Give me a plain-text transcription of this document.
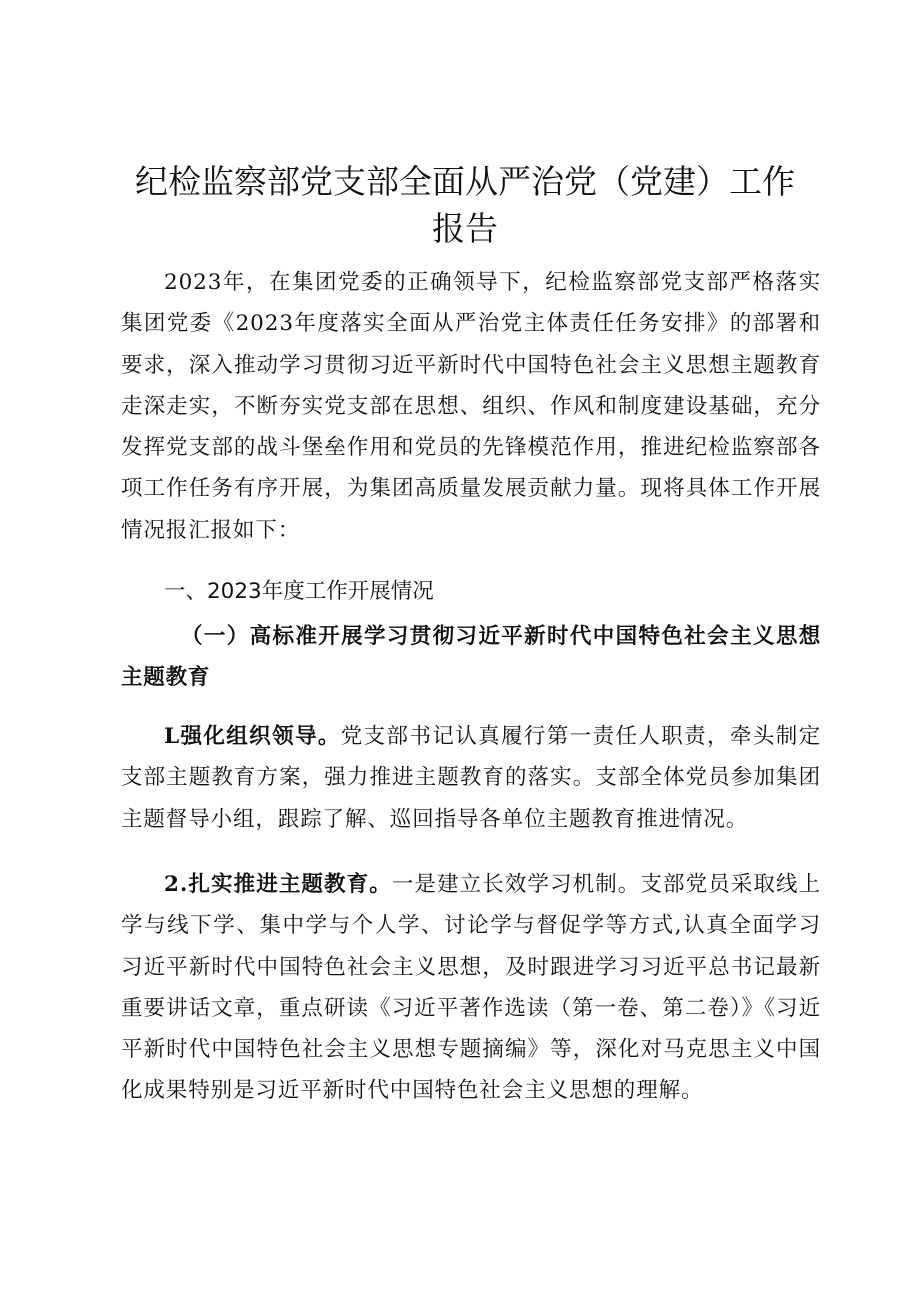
纪检监察部党支部全面从严治党（党建）工作
报告

2023年，在集团党委的正确领导下，纪检监察部党支部严格落实集团党委《2023年度落实全面从严治党主体责任任务安排》的部署和要求，深入推动学习贯彻习近平新时代中国特色社会主义思想主题教育走深走实，不断夯实党支部在思想、组织、作风和制度建设基础，充分发挥党支部的战斗堡垒作用和党员的先锋模范作用，推进纪检监察部各项工作任务有序开展，为集团高质量发展贡献力量。现将具体工作开展情况报汇报如下：

一、2023年度工作开展情况

（一）高标准开展学习贯彻习近平新时代中国特色社会主义思想主题教育

L强化组织领导。党支部书记认真履行第一责任人职责，牵头制定支部主题教育方案，强力推进主题教育的落实。支部全体党员参加集团主题督导小组，跟踪了解、巡回指导各单位主题教育推进情况。

2.扎实推进主题教育。一是建立长效学习机制。支部党员采取线上学与线下学、集中学与个人学、讨论学与督促学等方式,认真全面学习习近平新时代中国特色社会主义思想，及时跟进学习习近平总书记最新重要讲话文章，重点研读《习近平著作选读（第一卷、第二卷）》《习近平新时代中国特色社会主义思想专题摘编》等，深化对马克思主义中国化成果特别是习近平新时代中国特色社会主义思想的理解。
